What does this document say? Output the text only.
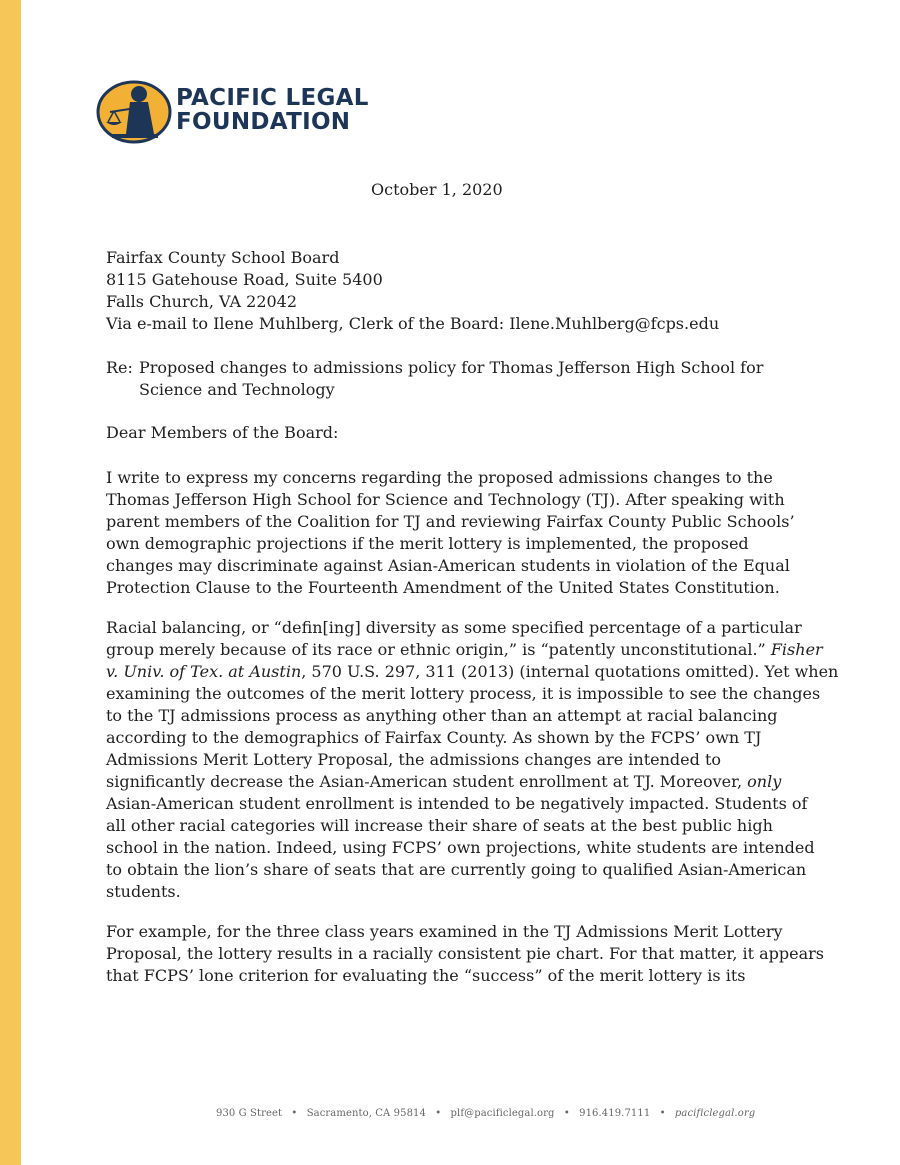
PACIFIC LEGAL
FOUNDATION
October 1, 2020
Fairfax County School Board
8115 Gatehouse Road, Suite 5400
Falls Church, VA 22042
Via e-mail to Ilene Muhlberg, Clerk of the Board: Ilene.Muhlberg@fcps.edu
Re: Proposed changes to admissions policy for Thomas Jefferson High School for
Science and Technology
Dear Members of the Board:
I write to express my concerns regarding the proposed admissions changes to the
Thomas Jefferson High School for Science and Technology (TJ). After speaking with
parent members of the Coalition for TJ and reviewing Fairfax County Public Schools’
own demographic projections if the merit lottery is implemented, the proposed
changes may discriminate against Asian-American students in violation of the Equal
Protection Clause to the Fourteenth Amendment of the United States Constitution.
Racial balancing, or “defin[ing] diversity as some specified percentage of a particular
group merely because of its race or ethnic origin,” is “patently unconstitutional.” Fisher
v. Univ. of Tex. at Austin, 570 U.S. 297, 311 (2013) (internal quotations omitted). Yet when
examining the outcomes of the merit lottery process, it is impossible to see the changes
to the TJ admissions process as anything other than an attempt at racial balancing
according to the demographics of Fairfax County. As shown by the FCPS’ own TJ
Admissions Merit Lottery Proposal, the admissions changes are intended to
significantly decrease the Asian-American student enrollment at TJ. Moreover, only
Asian-American student enrollment is intended to be negatively impacted. Students of
all other racial categories will increase their share of seats at the best public high
school in the nation. Indeed, using FCPS’ own projections, white students are intended
to obtain the lion’s share of seats that are currently going to qualified Asian-American
students.
For example, for the three class years examined in the TJ Admissions Merit Lottery
Proposal, the lottery results in a racially consistent pie chart. For that matter, it appears
that FCPS’ lone criterion for evaluating the “success” of the merit lottery is its
930 G Street • Sacramento, CA 95814 • plf@pacificlegal.org • 916.419.7111 • pacificlegal.org
